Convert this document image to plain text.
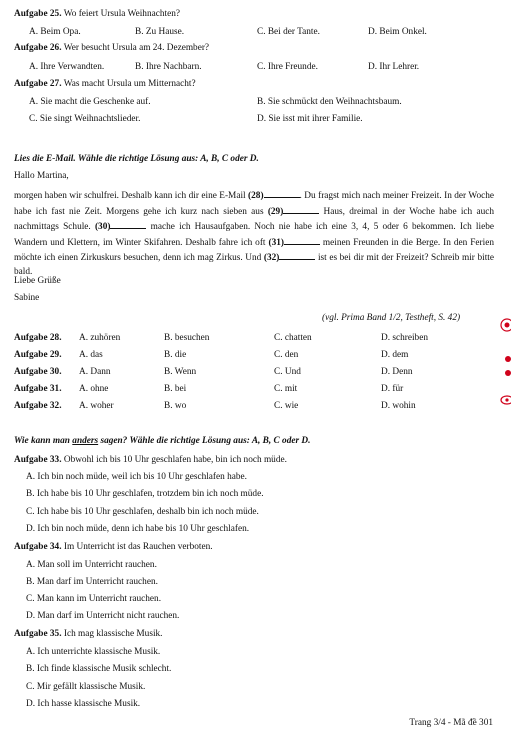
Aufgabe 25. Wo feiert Ursula Weihnachten?
A. Beim Opa.	B. Zu Hause.	C. Bei der Tante.	D. Beim Onkel.
Aufgabe 26. Wer besucht Ursula am 24. Dezember?
A. Ihre Verwandten.	B. Ihre Nachbarn.	C. Ihre Freunde.	D. Ihr Lehrer.
Aufgabe 27. Was macht Ursula um Mitternacht?
A. Sie macht die Geschenke auf.	B. Sie schmückt den Weihnachtsbaum.
C. Sie singt Weihnachtslieder.	D. Sie isst mit ihrer Familie.
Lies die E-Mail. Wähle die richtige Lösung aus: A, B, C oder D.
Hallo Martina,
morgen haben wir schulfrei. Deshalb kann ich dir eine E-Mail (28)	. Du fragst mich nach meiner Freizeit. In der Woche habe ich fast nie Zeit. Morgens gehe ich kurz nach sieben aus (29)	Haus, dreimal in der Woche habe ich auch nachmittags Schule. (30)	mache ich Hausaufgaben. Noch nie habe ich eine 3, 4, 5 oder 6 bekommen. Ich liebe Wandern und Klettern, im Winter Skifahren. Deshalb fahre ich oft (31)	meinen Freunden in die Berge. In den Ferien möchte ich einen Zirkuskurs besuchen, denn ich mag Zirkus. Und (32)	ist es bei dir mit der Freizeit? Schreib mir bitte bald.
Liebe Grüße
Sabine
(vgl. Prima Band 1/2, Testheft, S. 42)
Aufgabe 28. A. zuhören	B. besuchen	C. chatten	D. schreiben
Aufgabe 29. A. das	B. die	C. den	D. dem
Aufgabe 30. A. Dann	B. Wenn	C. Und	D. Denn
Aufgabe 31. A. ohne	B. bei	C. mit	D. für
Aufgabe 32. A. woher	B. wo	C. wie	D. wohin
Wie kann man anders sagen? Wähle die richtige Lösung aus: A, B, C oder D.
Aufgabe 33. Obwohl ich bis 10 Uhr geschlafen habe, bin ich noch müde.
A. Ich bin noch müde, weil ich bis 10 Uhr geschlafen habe.
B. Ich habe bis 10 Uhr geschlafen, trotzdem bin ich noch müde.
C. Ich habe bis 10 Uhr geschlafen, deshalb bin ich noch müde.
D. Ich bin noch müde, denn ich habe bis 10 Uhr geschlafen.
Aufgabe 34. Im Unterricht ist das Rauchen verboten.
A. Man soll im Unterricht rauchen.
B. Man darf im Unterricht rauchen.
C. Man kann im Unterricht rauchen.
D. Man darf im Unterricht nicht rauchen.
Aufgabe 35. Ich mag klassische Musik.
A. Ich unterrichte klassische Musik.
B. Ich finde klassische Musik schlecht.
C. Mir gefällt klassische Musik.
D. Ich hasse klassische Musik.
Trang 3/4 - Mã đề 301
